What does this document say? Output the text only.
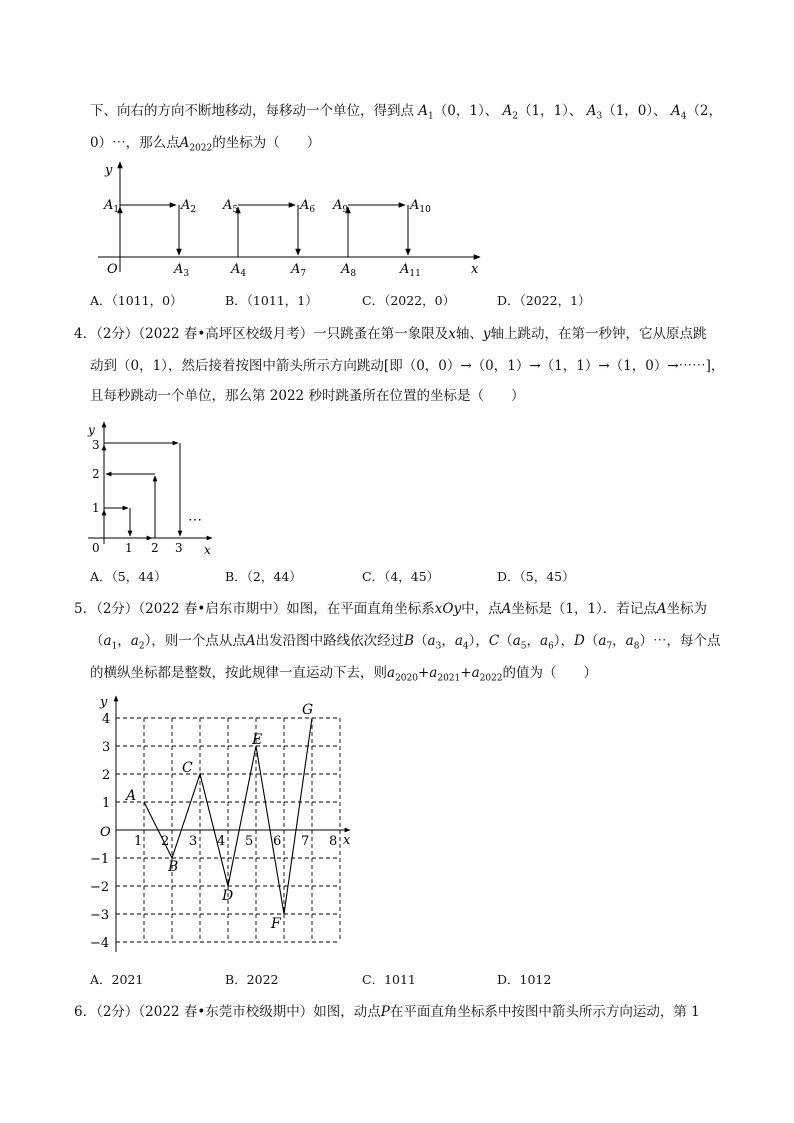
下、向右的方向不断地移动，每移动一个单位，得到点 $A_1(0$，1）、 $A_2(1$，1）、 $A_3(1$，0）、 $A_4(2$，
0）⋯，那么点$A_{2022}$的坐标为（　　）
y
x
O
$A_1$	$A_2$
$A_3$	$A_4$
$A_5$	$A_6$
$A_7$	$A_8$
$A_9$	$A_{10}$
$A_{11}$
A．（1011，0）	B．（1011，1）	C．（2022，0）	D．（2022，1）
4．（2分）（2022 春•高坪区校级月考）一只跳蚤在第一象限及x轴、y轴上跳动，在第一秒钟，它从原点跳
动到（0，1），然后接着按图中箭头所示方向跳动[即（0，0）→（0，1）→（1，1）→（1，0）→⋯⋯]，
且每秒跳动一个单位，那么第 2022 秒时跳蚤所在位置的坐标是（　　）
y
x
0 1 2 3
1
2
3
⋯
A．（5，44）	B．（2，44）	C．（4，45）	D．（5，45）
5．（2分）（2022 春•启东市期中）如图，在平面直角坐标系xOy中，点A坐标是（1，1）．若记点A坐标为
（$a_1$，$a_2$），则一个点从点A出发沿图中路线依次经过$B(a_3$，$a_4$），$C(a_5$，$a_6$），$D(a_7$，$a_8)\cdots$，每个点
的横纵坐标都是整数，按此规律一直运动下去，则$a_{2020}+a_{2021}+a_{2022}$的值为（　　）
y
x
O
1 2 3 4 5 6 7 8
4
3
2
1
−1
−2
−3
−4
A
B
C
D
E
F
G
A．2021	B．2022	C．1011	D．1012
6．（2分）（2022 春•东莞市校级期中）如图，动点P在平面直角坐标系中按图中箭头所示方向运动，第 1
